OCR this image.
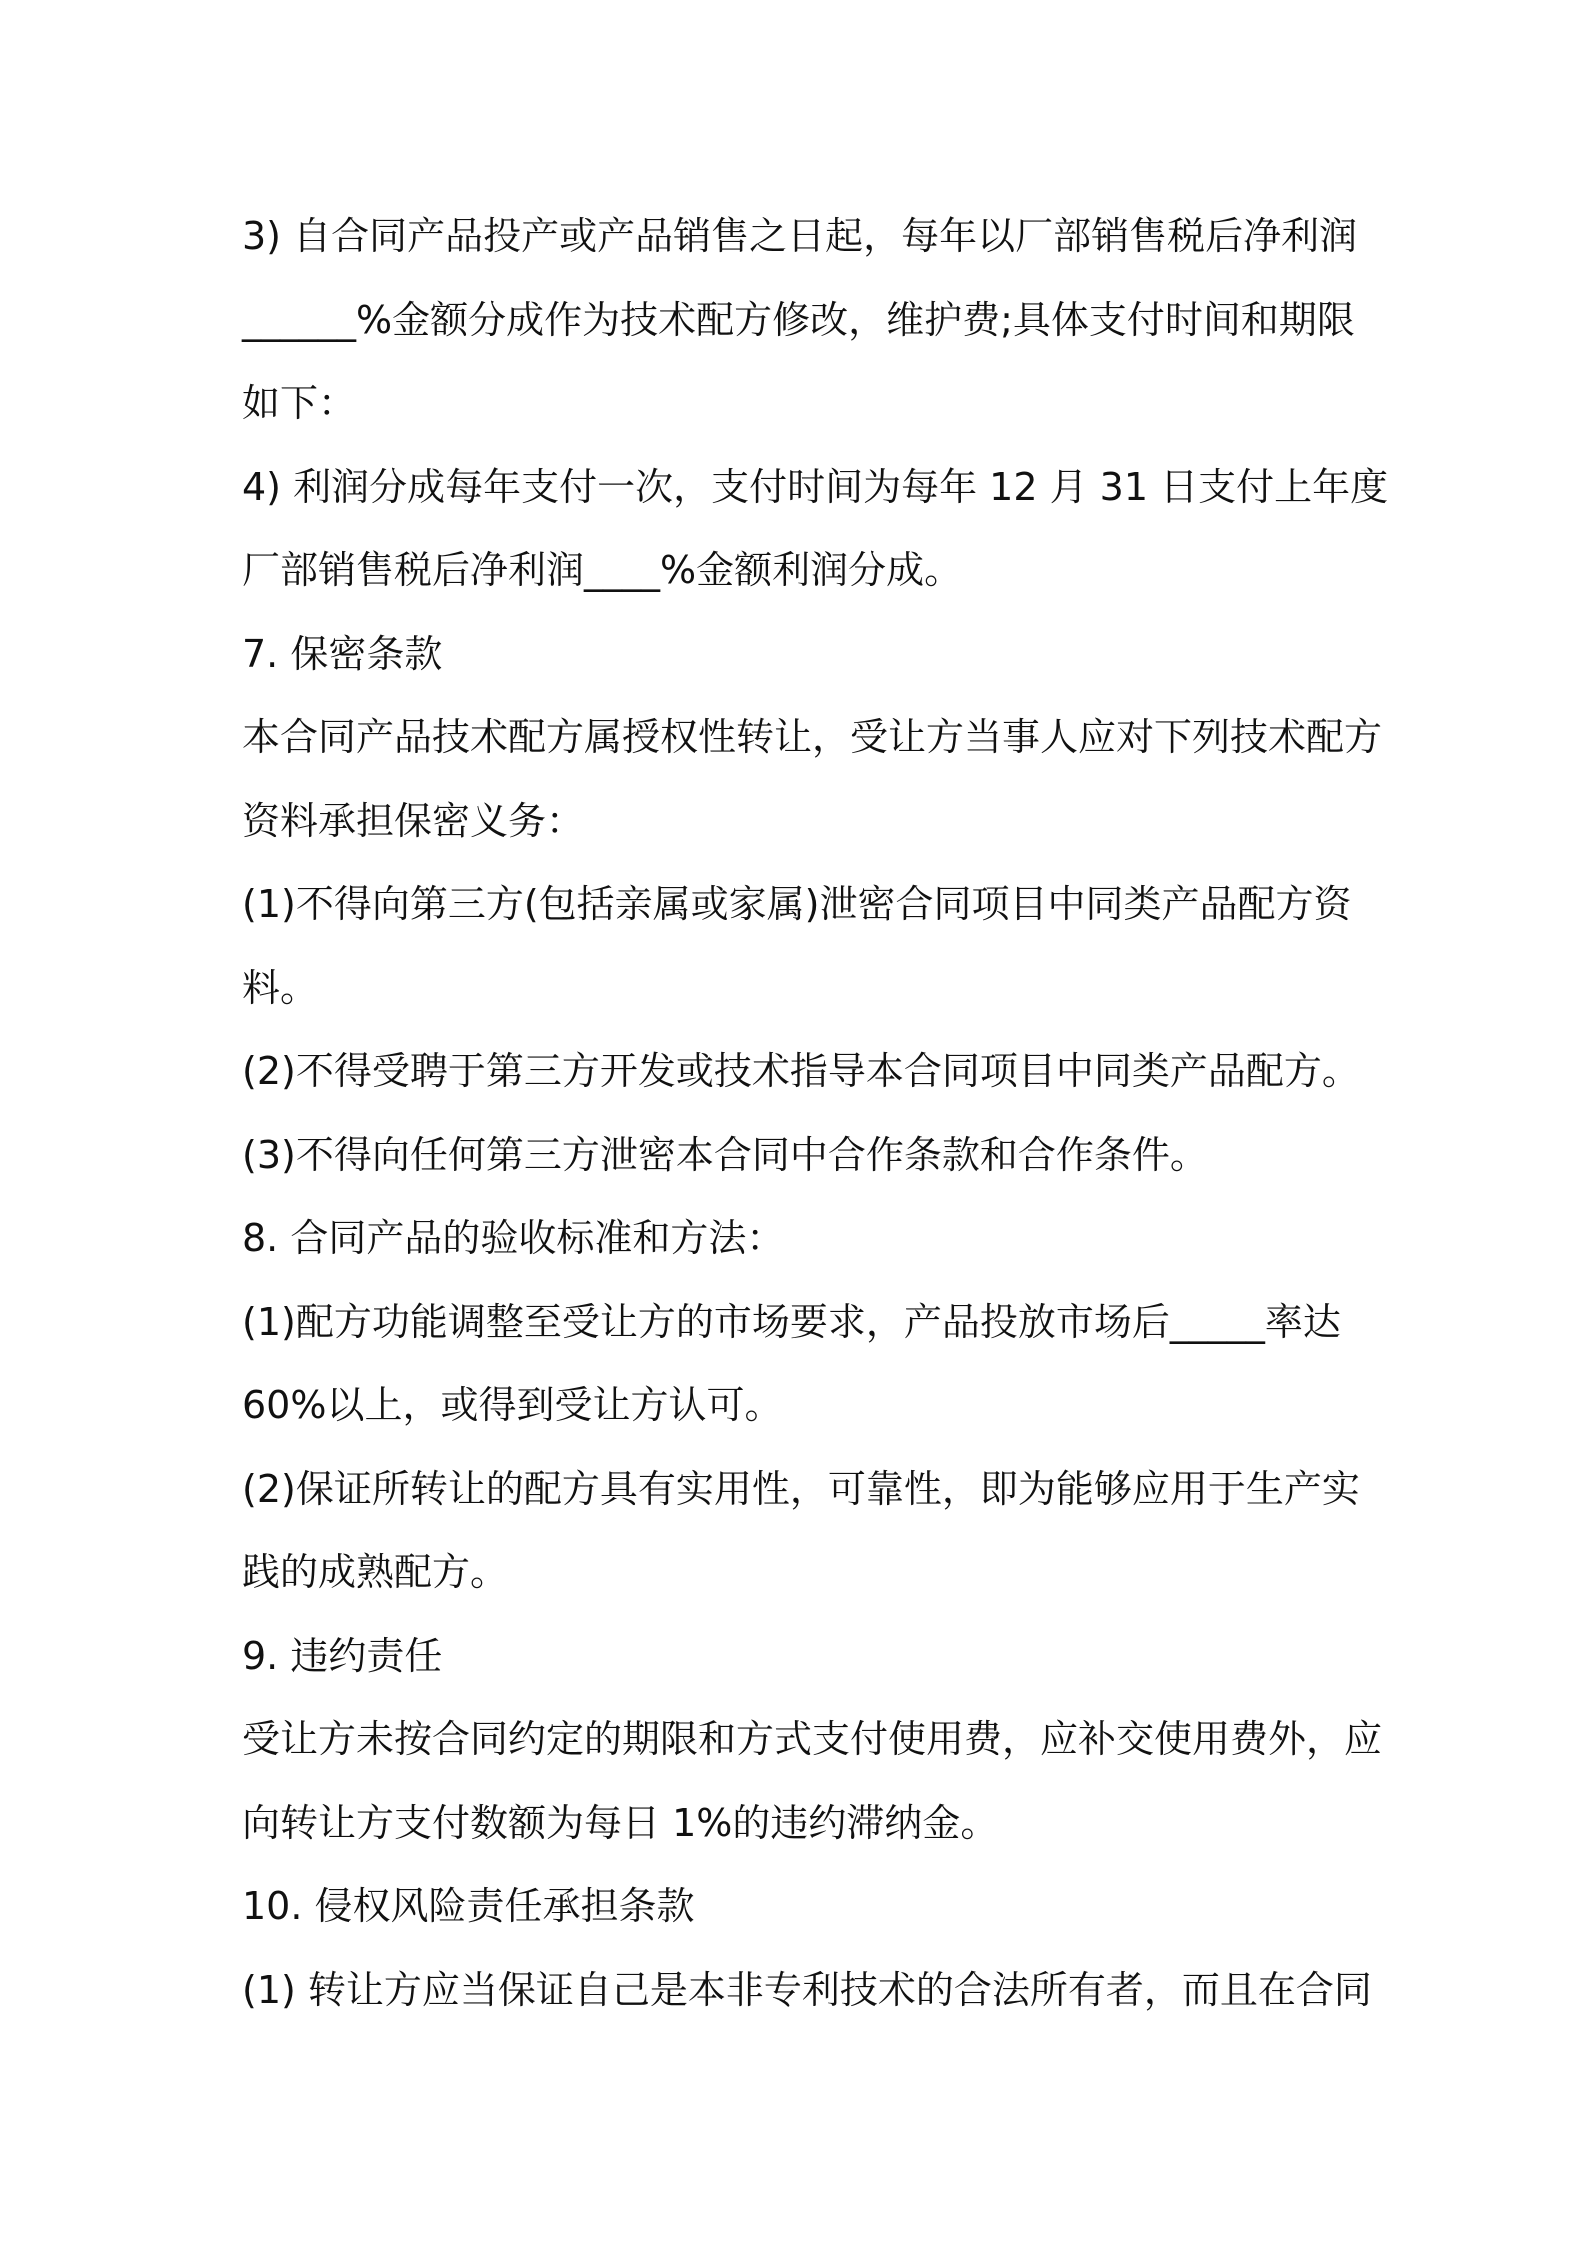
3) 自合同产品投产或产品销售之日起，每年以厂部销售税后净利润
______%金额分成作为技术配方修改，维护费;具体支付时间和期限
如下：
4) 利润分成每年支付一次，支付时间为每年 12 月 31 日支付上年度
厂部销售税后净利润____%金额利润分成。
7. 保密条款
本合同产品技术配方属授权性转让，受让方当事人应对下列技术配方
资料承担保密义务：
(1)不得向第三方(包括亲属或家属)泄密合同项目中同类产品配方资
料。
(2)不得受聘于第三方开发或技术指导本合同项目中同类产品配方。
(3)不得向任何第三方泄密本合同中合作条款和合作条件。
8. 合同产品的验收标准和方法：
(1)配方功能调整至受让方的市场要求，产品投放市场后_____率达
60%以上，或得到受让方认可。
(2)保证所转让的配方具有实用性，可靠性，即为能够应用于生产实
践的成熟配方。
9. 违约责任
受让方未按合同约定的期限和方式支付使用费，应补交使用费外，应
向转让方支付数额为每日 1%的违约滞纳金。
10. 侵权风险责任承担条款
(1) 转让方应当保证自己是本非专利技术的合法所有者，而且在合同
